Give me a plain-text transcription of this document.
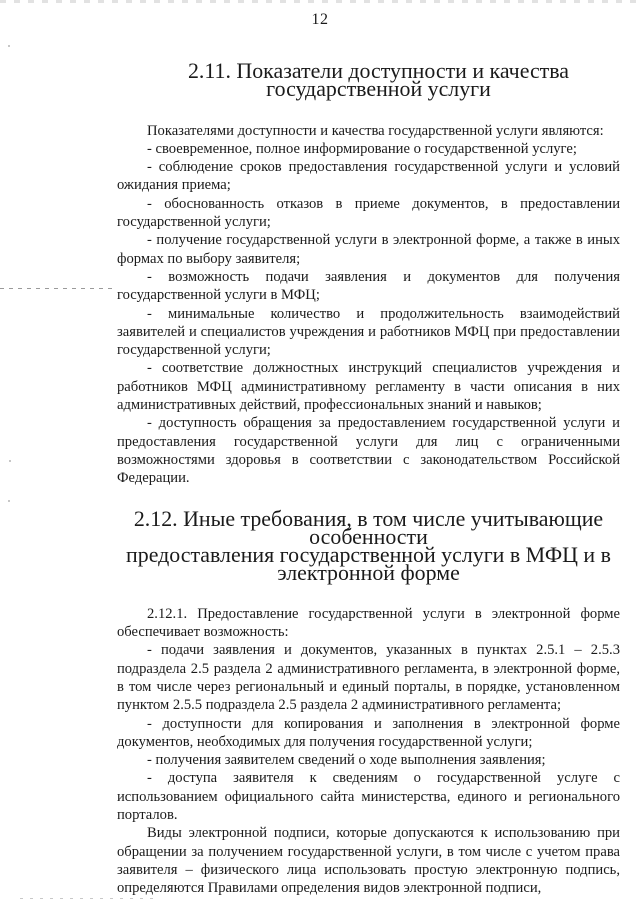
12
2.11. Показатели доступности и качества государственной услуги

Показателями доступности и качества государственной услуги являются:

- своевременное, полное информирование о государственной услуге;
- соблюдение сроков предоставления государственной услуги и условий ожидания приема;
- обоснованность отказов в приеме документов, в предоставлении государственной услуги;
- получение государственной услуги в электронной форме, а также в иных формах по выбору заявителя;
- возможность подачи заявления и документов для получения государственной услуги в МФЦ;
- минимальные количество и продолжительность взаимодействий заявителей и специалистов учреждения и работников МФЦ при предоставлении государственной услуги;
- соответствие должностных инструкций специалистов учреждения и работников МФЦ административному регламенту в части описания в них административных действий, профессиональных знаний и навыков;
- доступность обращения за предоставлением государственной услуги и предоставления государственной услуги для лиц с ограниченными возможностями здоровья в соответствии с законодательством Российской Федерации.
2.12. Иные требования, в том числе учитывающие особенности
предоставления государственной услуги в МФЦ и в электронной форме

2.12.1. Предоставление государственной услуги в электронной форме обеспечивает возможность:

- подачи заявления и документов, указанных в пунктах 2.5.1 – 2.5.3 подраздела 2.5 раздела 2 административного регламента, в электронной форме, в том числе через региональный и единый порталы, в порядке, установленном пунктом 2.5.5 подраздела 2.5 раздела 2 административного регламента;
- доступности для копирования и заполнения в электронной форме документов, необходимых для получения государственной услуги;
- получения заявителем сведений о ходе выполнения заявления;
- доступа заявителя к сведениям о государственной услуге с использованием официального сайта министерства, единого и регионального порталов.

Виды электронной подписи, которые допускаются к использованию при обращении за получением государственной услуги, в том числе с учетом права заявителя – физического лица использовать простую электронную подпись, определяются Правилами определения видов электронной подписи,
